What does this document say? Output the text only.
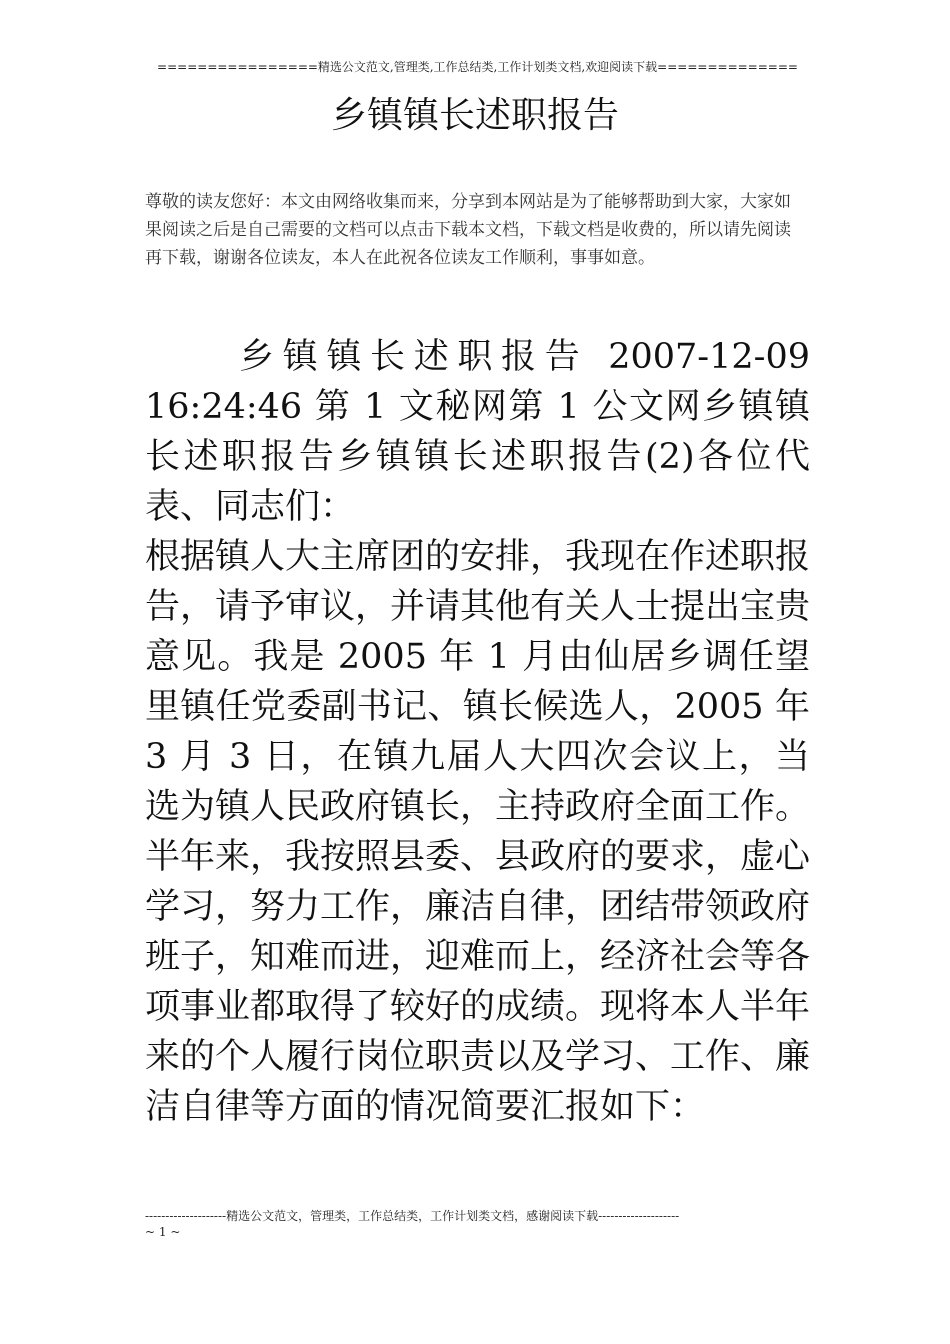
================精选公文范文,管理类,工作总结类,工作计划类文档,欢迎阅读下载==============
乡镇镇长述职报告
尊敬的读友您好：本文由网络收集而来，分享到本网站是为了能够帮助到大家，大家如果阅读之后是自己需要的文档可以点击下载本文档，下载文档是收费的，所以请先阅读再下载，谢谢各位读友，本人在此祝各位读友工作顺利，事事如意。

乡镇镇长述职报告 2007-12-09 16:24:46 第 1 文秘网第 1 公文网乡镇镇长述职报告乡镇镇长述职报告(2)各位代表、同志们：

根据镇人大主席团的安排，我现在作述职报告，请予审议，并请其他有关人士提出宝贵意见。我是 2005 年 1 月由仙居乡调任望里镇任党委副书记、镇长候选人，2005 年 3 月 3 日，在镇九届人大四次会议上，当选为镇人民政府镇长，主持政府全面工作。半年来，我按照县委、县政府的要求，虚心学习，努力工作，廉洁自律，团结带领政府班子，知难而进，迎难而上，经济社会等各项事业都取得了较好的成绩。现将本人半年来的个人履行岗位职责以及学习、工作、廉洁自律等方面的情况简要汇报如下：

--------------------精选公文范文，管理类，工作总结类，工作计划类文档，感谢阅读下载--------------------
~ 1 ~
